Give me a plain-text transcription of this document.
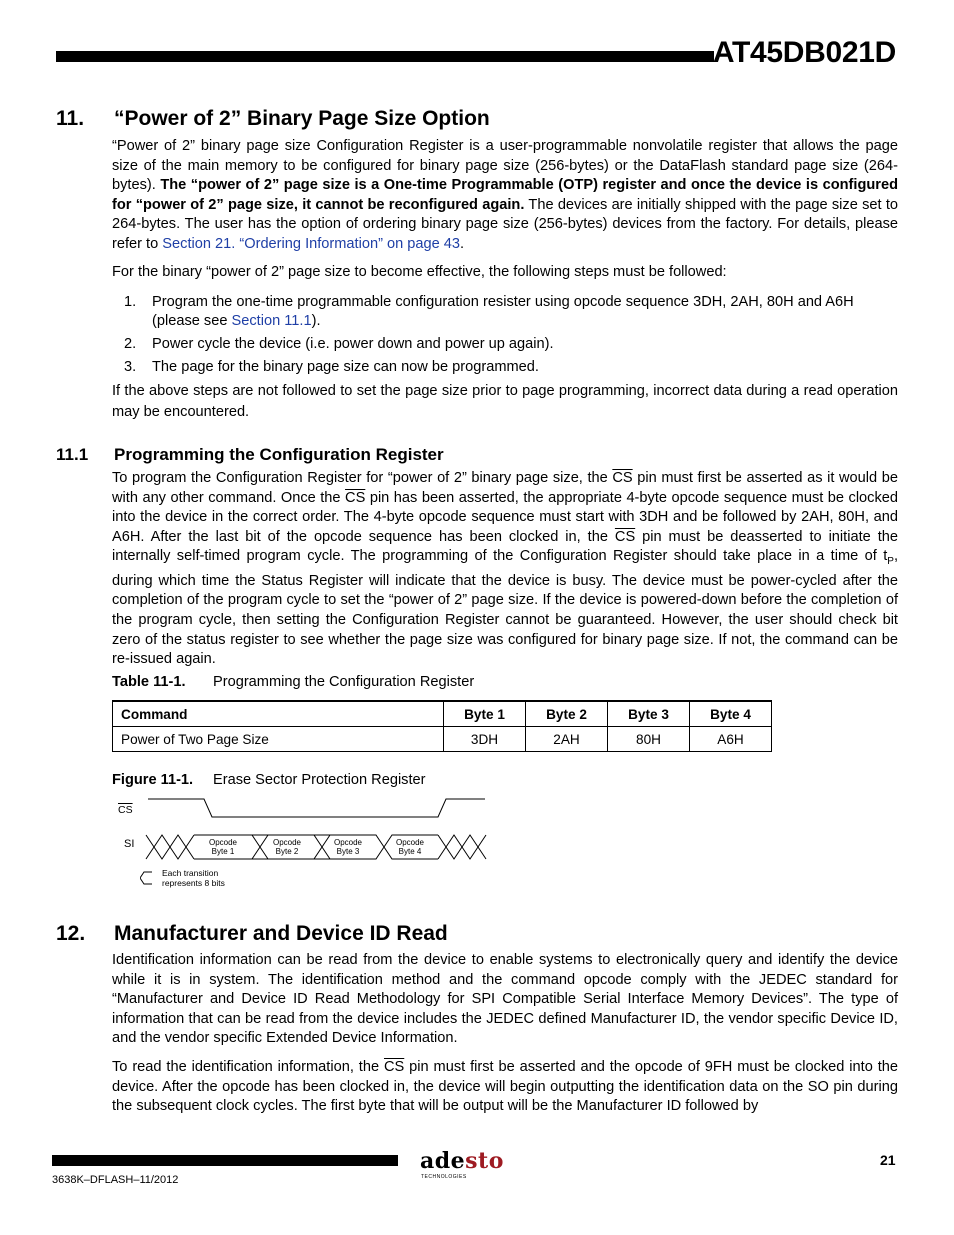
AT45DB021D
11. “Power of 2” Binary Page Size Option

“Power of 2” binary page size Configuration Register is a user-programmable nonvolatile register that allows the page size of the main memory to be configured for binary page size (256-bytes) or the DataFlash standard page size (264-bytes). The “power of 2” page size is a One-time Programmable (OTP) register and once the device is configured for “power of 2” page size, it cannot be reconfigured again. The devices are initially shipped with the page size set to 264-bytes. The user has the option of ordering binary page size (256-bytes) devices from the factory. For details, please refer to Section 21. “Ordering Information” on page 43.

For the binary “power of 2” page size to become effective, the following steps must be followed:

1. Program the one-time programmable configuration resister using opcode sequence 3DH, 2AH, 80H and A6H (please see Section 11.1).
2. Power cycle the device (i.e. power down and power up again).
3. The page for the binary page size can now be programmed.

If the above steps are not followed to set the page size prior to page programming, incorrect data during a read operation may be encountered.

11.1 Programming the Configuration Register

To program the Configuration Register for “power of 2” binary page size, the $\overline{CS}$ pin must first be asserted as it would be with any other command. Once the $\overline{CS}$ pin has been asserted, the appropriate 4-byte opcode sequence must be clocked into the device in the correct order. The 4-byte opcode sequence must start with 3DH and be followed by 2AH, 80H, and A6H. After the last bit of the opcode sequence has been clocked in, the $\overline{CS}$ pin must be deasserted to initiate the internally self-timed program cycle. The programming of the Configuration Register should take place in a time of $t_P$, during which time the Status Register will indicate that the device is busy. The device must be power-cycled after the completion of the program cycle to set the “power of 2” page size. If the device is powered-down before the completion of the program cycle, then setting the Configuration Register cannot be guaranteed. However, the user should check bit zero of the status register to see whether the page size was configured for binary page size. If not, the command can be re-issued again.

Table 11-1. Programming the Configuration Register
Command	Byte 1	Byte 2	Byte 3	Byte 4
Power of Two Page Size	3DH	2AH	80H	A6H
Figure 11-1. Erase Sector Protection Register
$\overline{CS}$
SI	Opcode
Byte 1
Opcode
Byte 2
Opcode
Byte 3
Opcode
Byte 4
Each transition
represents 8 bits
12. Manufacturer and Device ID Read

Identification information can be read from the device to enable systems to electronically query and identify the device while it is in system. The identification method and the command opcode comply with the JEDEC standard for “Manufacturer and Device ID Read Methodology for SPI Compatible Serial Interface Memory Devices”. The type of information that can be read from the device includes the JEDEC defined Manufacturer ID, the vendor specific Device ID, and the vendor specific Extended Device Information.

To read the identification information, the $\overline{CS}$ pin must first be asserted and the opcode of 9FH must be clocked into the device. After the opcode has been clocked in, the device will begin outputting the identification data on the SO pin during the subsequent clock cycles. The first byte that will be output will be the Manufacturer ID followed by

adesto
TECHNOLOGIES
21
3638K–DFLASH–11/2012
